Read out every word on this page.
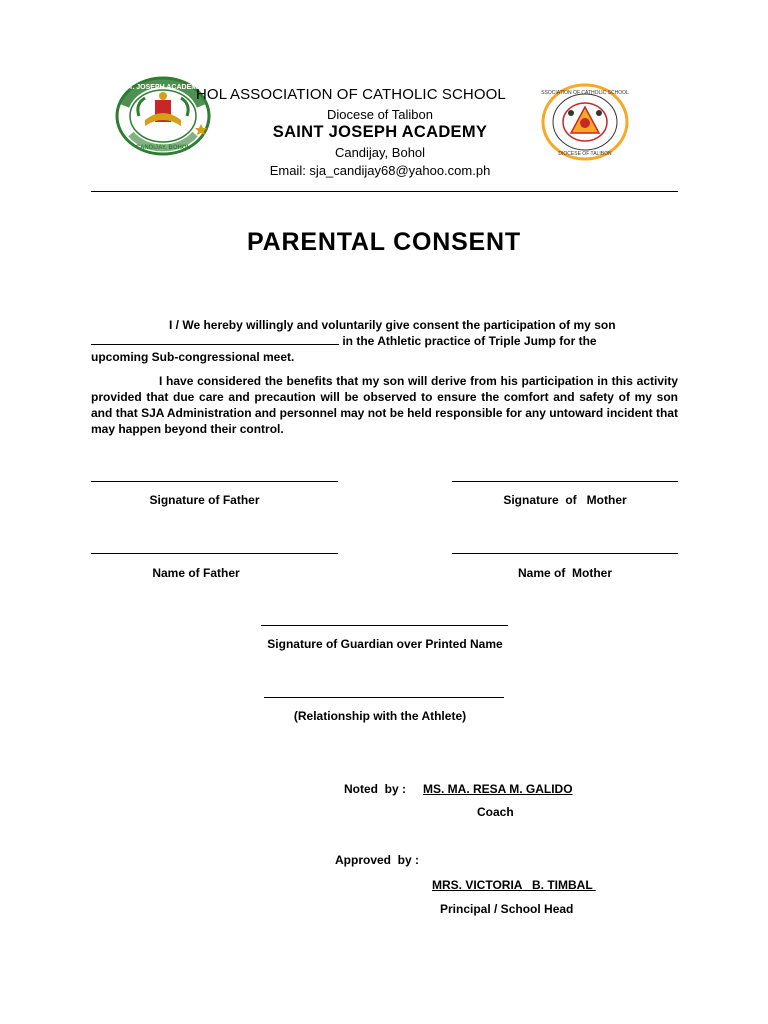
ST. JOSEPH ACADEMY
CANDIJAY, BOHOL
ASSOCIATION OF CATHOLIC SCHOOLS
DIOCESE OF TALIBON
HOL ASSOCIATION OF CATHOLIC SCHOOL
Diocese of Talibon
SAINT JOSEPH ACADEMY
Candijay, Bohol
Email: sja_candijay68@yahoo.com.ph
PARENTAL CONSENT
I / We hereby willingly and voluntarily give consent the participation of my son
in the Athletic practice of Triple Jump for the
upcoming Sub-congressional meet.
I have considered the benefits that my son will derive from his participation in this activity provided that due care and precaution will be observed to ensure the comfort and safety of my son and that SJA Administration and personnel may not be held responsible for any untoward incident that may happen beyond their control.
Signature of Father	Signature  of   Mother
Name of Father	Name of  Mother
Signature of Guardian over Printed Name
(Relationship with the Athlete)
Noted  by : MS. MA. RESA M. GALIDO
Coach
Approved  by :
MRS. VICTORIA   B. TIMBAL
Principal / School Head
